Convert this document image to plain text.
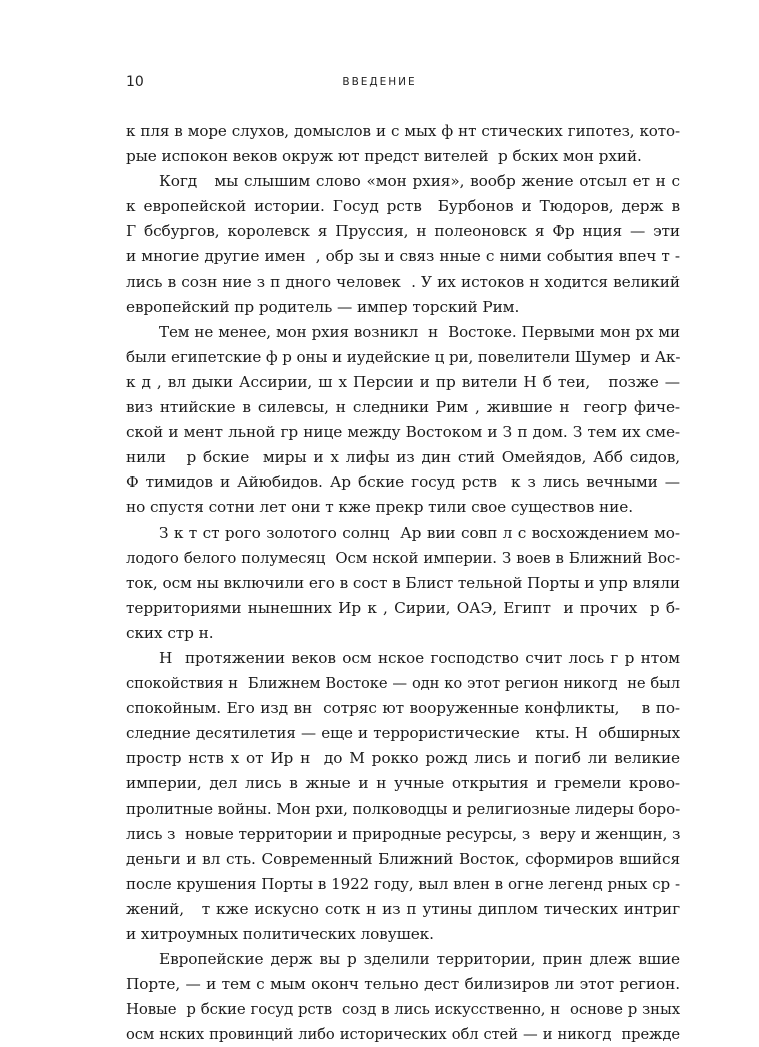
10	ВВЕДЕНИЕ
к пля в море слухов, домыслов и с мых ф нт стических гипотез, кото-
рые испокон веков окруж ют предст вителей  р бских мон рхий.
Когд   мы слышим слово «мон рхия», вообр жение отсыл ет н с
к европейской истории. Госуд рств  Бурбонов и Тюдоров, держ в
Г бсбургов, королевск я Пруссия, н полеоновск я Фр нция — эти
и многие другие имен  , обр зы и связ нные с ними события впеч т -
лись в созн ние з п дного человек  . У их истоков н ходится великий
европейский пр родитель — импер торский Рим.
Тем не менее, мон рхия возникл  н  Востоке. Первыми мон рх ми
были египетские ф р оны и иудейские ц ри, повелители Шумер  и Ак-
к д , вл дыки Ассирии, ш х Персии и пр вители Н б теи,   позже —
виз нтийские в силевсы, н следники Рим , жившие н  геогр фиче-
ской и мент льной гр нице между Востоком и З п дом. З тем их сме-
нили   р бские  миры и х лифы из дин стий Омейядов, Абб сидов,
Ф тимидов и Айюбидов. Ар бские госуд рств  к з лись вечными —
но спустя сотни лет они т кже прекр тили свое существов ние.
З к т ст рого золотого солнц  Ар вии совп л с восхождением мо-
лодого белого полумесяц  Осм нской империи. З воев в Ближний Вос-
ток, осм ны включили его в сост в Блист тельной Порты и упр вляли
территориями нынешних Ир к , Сирии, ОАЭ, Египт  и прочих  р б-
ских стр н.
Н  протяжении веков осм нское господство счит лось г р нтом
спокойствия н  Ближнем Востоке — одн ко этот регион никогд  не был
спокойным. Его изд вн  сотряс ют вооруженные конфликты,    в по-
следние десятилетия — еще и террористические   кты. Н  обширных
простр нств х от Ир н  до М рокко рожд лись и погиб ли великие
империи, дел лись в жные и н учные открытия и гремели крово-
пролитные войны. Мон рхи, полководцы и религиозные лидеры боро-
лись з  новые территории и природные ресурсы, з  веру и женщин, з
деньги и вл сть. Современный Ближний Восток, сформиров вшийся
после крушения Порты в 1922 году, выл влен в огне легенд рных ср -
жений,   т кже искусно сотк н из п утины диплом тических интриг
и хитроумных политических ловушек.
Европейские держ вы р зделили территории, прин длеж вшие
Порте, — и тем с мым оконч тельно дест билизиров ли этот регион.
Новые  р бские госуд рств  созд в лись искусственно, н  основе р зных
осм нских провинций либо исторических обл стей — и никогд  прежде
